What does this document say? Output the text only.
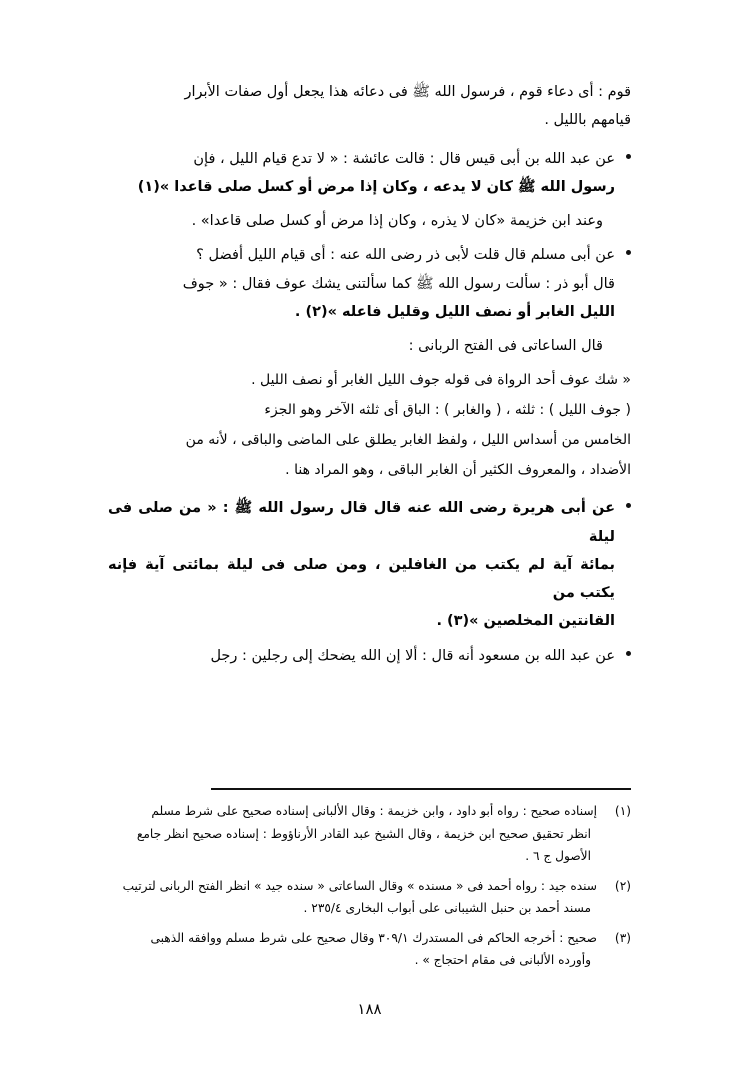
قوم : أى دعاء قوم ، فرسول الله ﷺ فى دعائه هذا يجعل أول صفات الأبرار
قيامهم بالليل .
عن عبد الله بن أبى قيس قال : قالت عائشة : « لا تدع قيام الليل ، فإن
رسول الله ﷺ كان لا يدعه ، وكان إذا مرض أو كسل صلى قاعدا »(١)
وعند ابن خزيمة «كان لا يذره ، وكان إذا مرض أو كسل صلى قاعدا» .
عن أبى مسلم قال قلت لأبى ذر رضى الله عنه : أى قيام الليل أفضل ؟
قال أبو ذر : سألت رسول الله ﷺ كما سألتنى يشك عوف فقال : « جوف
الليل الغابر أو نصف الليل وقليل فاعله »(٢) .
قال الساعاتى فى الفتح الربانى :

« شك عوف أحد الرواة فى قوله جوف الليل الغابر أو نصف الليل .

( جوف الليل ) : ثلثه ، ( والغابر ) : الباق أى ثلثه الآخر وهو الجزء

الخامس من أسداس الليل ، ولفظ الغابر يطلق على الماضى والباقى ، لأنه من

الأضداد ، والمعروف الكثير أن الغابر الباقى ، وهو المراد هنا .

عن أبى هريرة رضى الله عنه قال قال رسول الله ﷺ : « من صلى فى ليلة
بمائة آية لم يكتب من الغافلين ، ومن صلى فى ليلة بمائتى آية فإنه يكتب من
القانتين المخلصين »(٣) .
عن عبد الله بن مسعود أنه قال : ألا إن الله يضحك إلى رجلين : رجل
(١)

إسناده صحيح : رواه أبو داود ، وابن خزيمة : وقال الألبانى إسناده صحيح على شرط مسلم

انظر تحقيق صحيح ابن خزيمة ، وقال الشيخ عبد القادر الأرناؤوط : إسناده صحيح انظر جامع

الأصول ج ٦ .

(٢)

سنده جيد : رواه أحمد فى « مسنده » وقال الساعاتى « سنده جيد » انظر الفتح الربانى لترتيب

مسند أحمد بن حنبل الشيبانى على أبواب البخارى ٢٣٥/٤ .

(٣)

صحيح : أخرجه الحاكم فى المستدرك ٣٠٩/١ وقال صحيح على شرط مسلم ووافقه الذهبى

وأورده الألبانى فى مقام احتجاج » .

١٨٨
